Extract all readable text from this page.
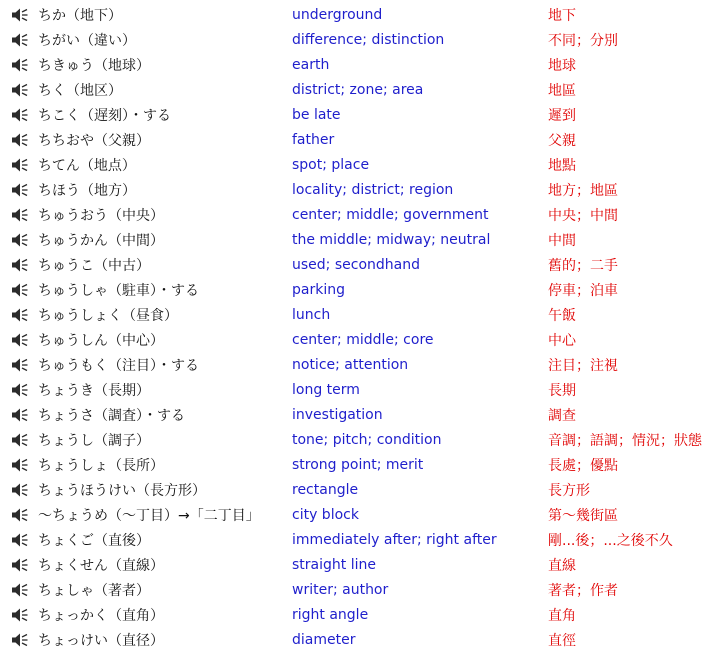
ちか（地下）	underground	地下
ちがい（違い）	difference; distinction	不同；分別
ちきゅう（地球）	earth	地球
ちく（地区）	district; zone; area	地區
ちこく（遅刻）・する	be late	遲到
ちちおや（父親）	father	父親
ちてん（地点）	spot; place	地點
ちほう（地方）	locality; district; region	地方；地區
ちゅうおう（中央）	center; middle; government	中央；中間
ちゅうかん（中間）	the middle; midway; neutral	中間
ちゅうこ（中古）	used; secondhand	舊的；二手
ちゅうしゃ（駐車）・する	parking	停車；泊車
ちゅうしょく（昼食）	lunch	午飯
ちゅうしん（中心）	center; middle; core	中心
ちゅうもく（注目）・する	notice; attention	注目；注視
ちょうき（長期）	long term	長期
ちょうさ（調査）・する	investigation	調查
ちょうし（調子）	tone; pitch; condition	音調；語調；情況；狀態
ちょうしょ（長所）	strong point; merit	長處；優點
ちょうほうけい（長方形）	rectangle	長方形
～ちょうめ（～丁目）→「二丁目」	city block	第～幾街區
ちょくご（直後）	immediately after; right after	剛...後；...之後不久
ちょくせん（直線）	straight line	直線
ちょしゃ（著者）	writer; author	著者；作者
ちょっかく（直角）	right angle	直角
ちょっけい（直径）	diameter	直徑
